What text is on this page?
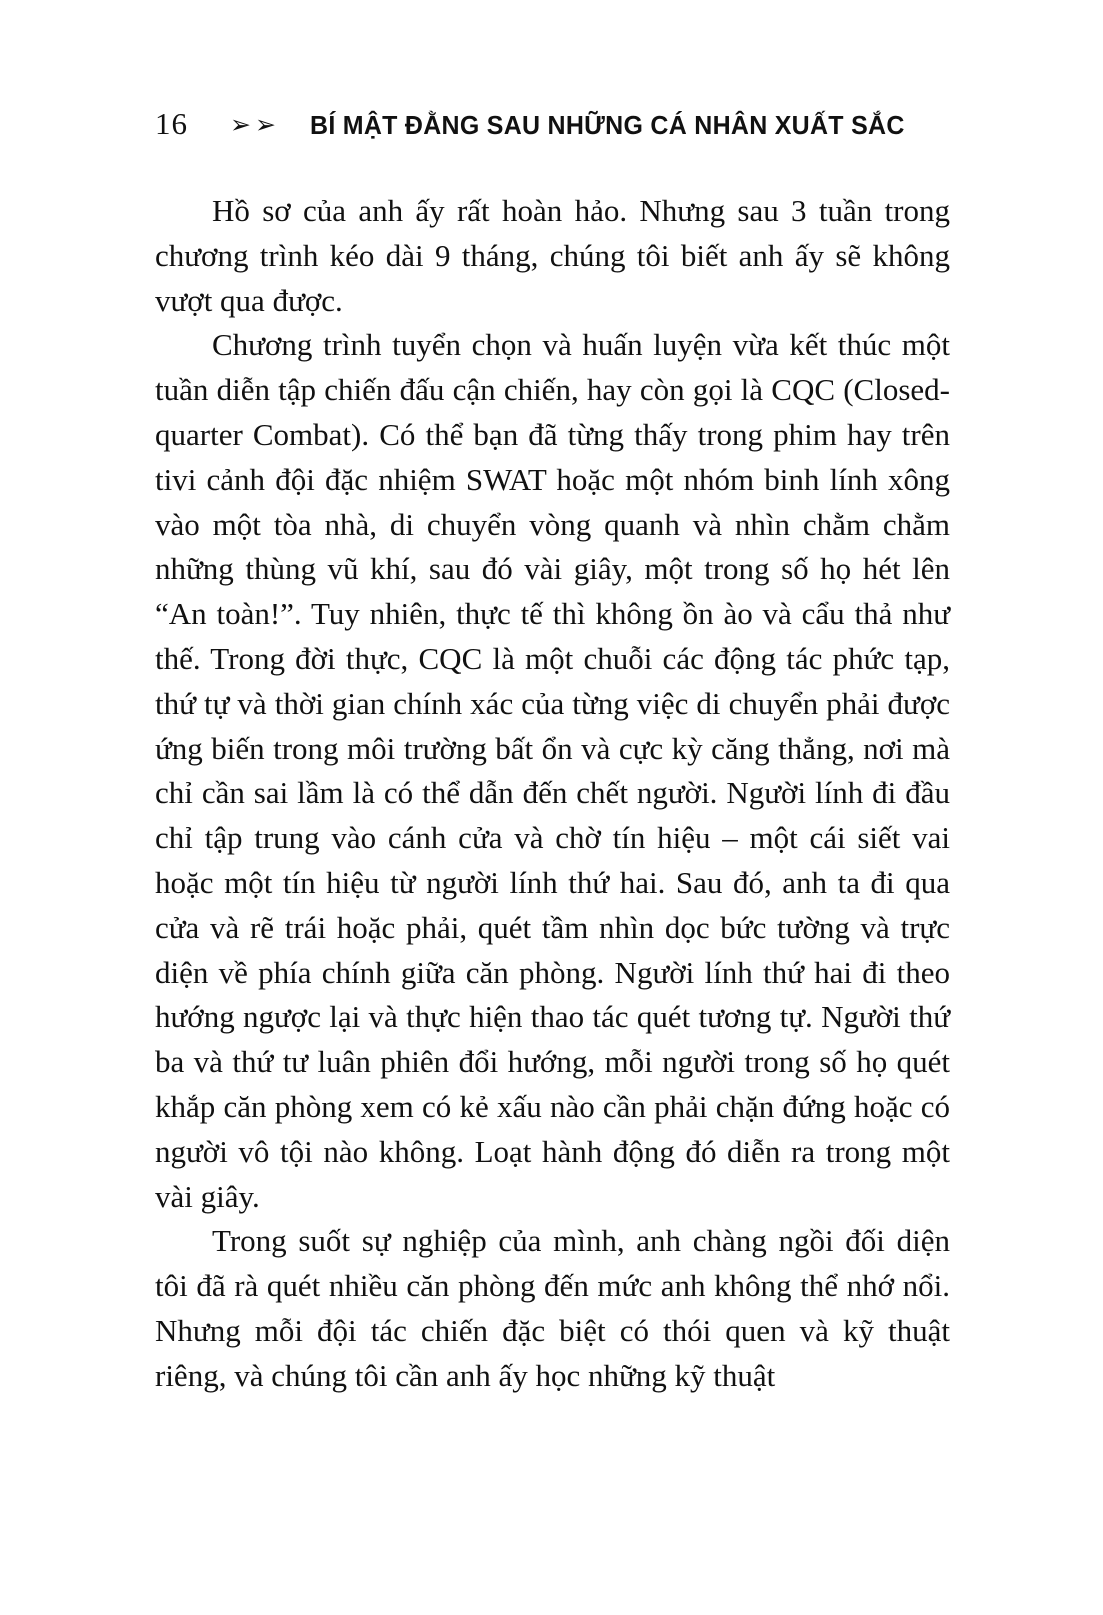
16 ➢➢ BÍ MẬT ĐẰNG SAU NHỮNG CÁ NHÂN XUẤT SẮC

Hồ sơ của anh ấy rất hoàn hảo. Nhưng sau 3 tuần trong chương trình kéo dài 9 tháng, chúng tôi biết anh ấy sẽ không vượt qua được.

Chương trình tuyển chọn và huấn luyện vừa kết thúc một tuần diễn tập chiến đấu cận chiến, hay còn gọi là CQC (Closed-quarter Combat). Có thể bạn đã từng thấy trong phim hay trên tivi cảnh đội đặc nhiệm SWAT hoặc một nhóm binh lính xông vào một tòa nhà, di chuyển vòng quanh và nhìn chằm chằm những thùng vũ khí, sau đó vài giây, một trong số họ hét lên “An toàn!”. Tuy nhiên, thực tế thì không ồn ào và cẩu thả như thế. Trong đời thực, CQC là một chuỗi các động tác phức tạp, thứ tự và thời gian chính xác của từng việc di chuyển phải được ứng biến trong môi trường bất ổn và cực kỳ căng thẳng, nơi mà chỉ cần sai lầm là có thể dẫn đến chết người. Người lính đi đầu chỉ tập trung vào cánh cửa và chờ tín hiệu – một cái siết vai hoặc một tín hiệu từ người lính thứ hai. Sau đó, anh ta đi qua cửa và rẽ trái hoặc phải, quét tầm nhìn dọc bức tường và trực diện về phía chính giữa căn phòng. Người lính thứ hai đi theo hướng ngược lại và thực hiện thao tác quét tương tự. Người thứ ba và thứ tư luân phiên đổi hướng, mỗi người trong số họ quét khắp căn phòng xem có kẻ xấu nào cần phải chặn đứng hoặc có người vô tội nào không. Loạt hành động đó diễn ra trong một vài giây.

Trong suốt sự nghiệp của mình, anh chàng ngồi đối diện tôi đã rà quét nhiều căn phòng đến mức anh không thể nhớ nổi. Nhưng mỗi đội tác chiến đặc biệt có thói quen và kỹ thuật riêng, và chúng tôi cần anh ấy học những kỹ thuật
